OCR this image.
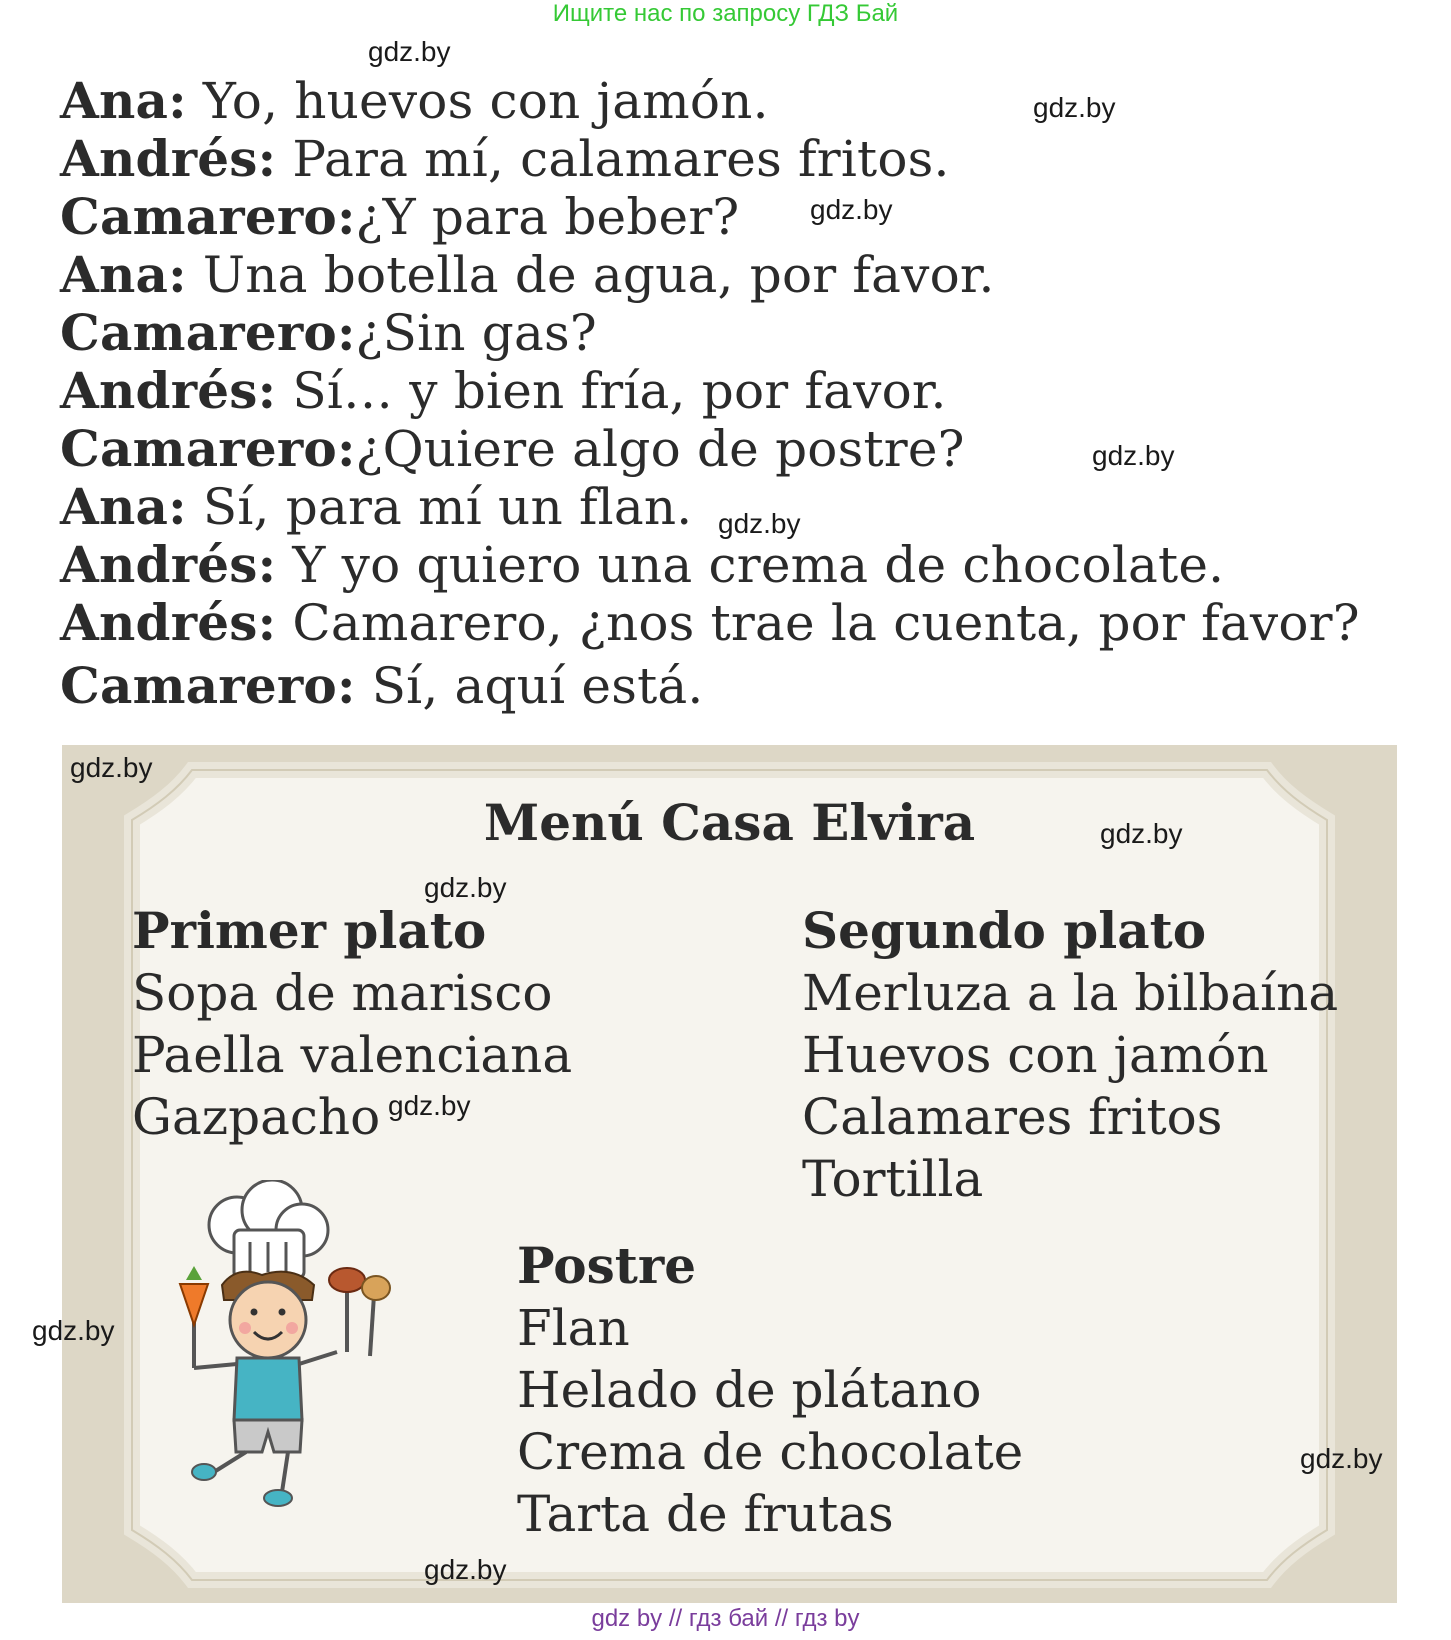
Ищите нас по запросу ГДЗ Бай
Ana: Yo, huevos con jamón.
Andrés: Para mí, calamares fritos.
Camarero:¿Y para beber?
Ana: Una botella de agua, por favor.
Camarero:¿Sin gas?
Andrés: Sí… y bien fría, por favor.
Camarero:¿Quiere algo de postre?
Ana: Sí, para mí un flan.
Andrés: Y yo quiero una crema de chocolate.
Andrés: Camarero, ¿nos trae la cuenta, por favor?
Camarero: Sí, aquí está.
Menú Casa Elvira
Primer plato
Sopa de marisco
Paella valenciana
Gazpacho
Segundo plato
Merluza a la bilbaína
Huevos con jamón
Calamares fritos
Tortilla
Postre
Flan
Helado de plátano
Crema de chocolate
Tarta de frutas
gdz.by
gdz.by
gdz.by
gdz.by
gdz.by
gdz.by
gdz.by
gdz.by
gdz.by
gdz.by
gdz.by
gdz.by
gdz by // гдз бай // гдз by
